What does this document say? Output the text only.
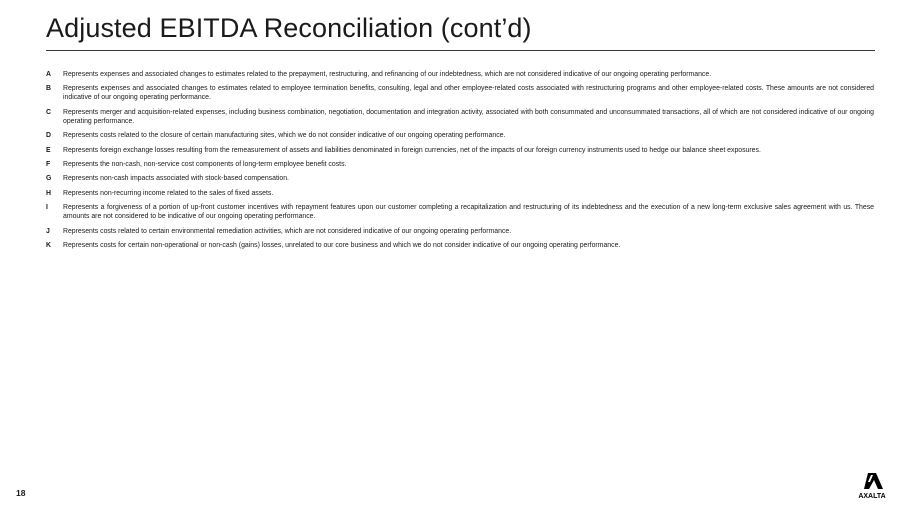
Adjusted EBITDA Reconciliation (cont’d)
A	Represents expenses and associated changes to estimates related to the prepayment, restructuring, and refinancing of our indebtedness, which are not considered indicative of our ongoing operating performance.
B	Represents expenses and associated changes to estimates related to employee termination benefits, consulting, legal and other employee-related costs associated with restructuring programs and other employee-related costs. These amounts are not considered indicative of our ongoing operating performance.
C	Represents merger and acquisition-related expenses, including business combination, negotiation, documentation and integration activity, associated with both consummated and unconsummated transactions, all of which are not considered indicative of our ongoing operating performance.
D	Represents costs related to the closure of certain manufacturing sites, which we do not consider indicative of our ongoing operating performance.
E	Represents foreign exchange losses resulting from the remeasurement of assets and liabilities denominated in foreign currencies, net of the impacts of our foreign currency instruments used to hedge our balance sheet exposures.
F	Represents the non-cash, non-service cost components of long-term employee benefit costs.
G	Represents non-cash impacts associated with stock-based compensation.
H	Represents non-recurring income related to the sales of fixed assets.
I	Represents a forgiveness of a portion of up-front customer incentives with repayment features upon our customer completing a recapitalization and restructuring of its indebtedness and the execution of a new long-term exclusive sales agreement with us. These amounts are not considered to be indicative of our ongoing operating performance.
J	Represents costs related to certain environmental remediation activities, which are not considered indicative of our ongoing operating performance.
K	Represents costs for certain non-operational or non-cash (gains) losses, unrelated to our core business and which we do not consider indicative of our ongoing operating performance.
18	AXALTA
